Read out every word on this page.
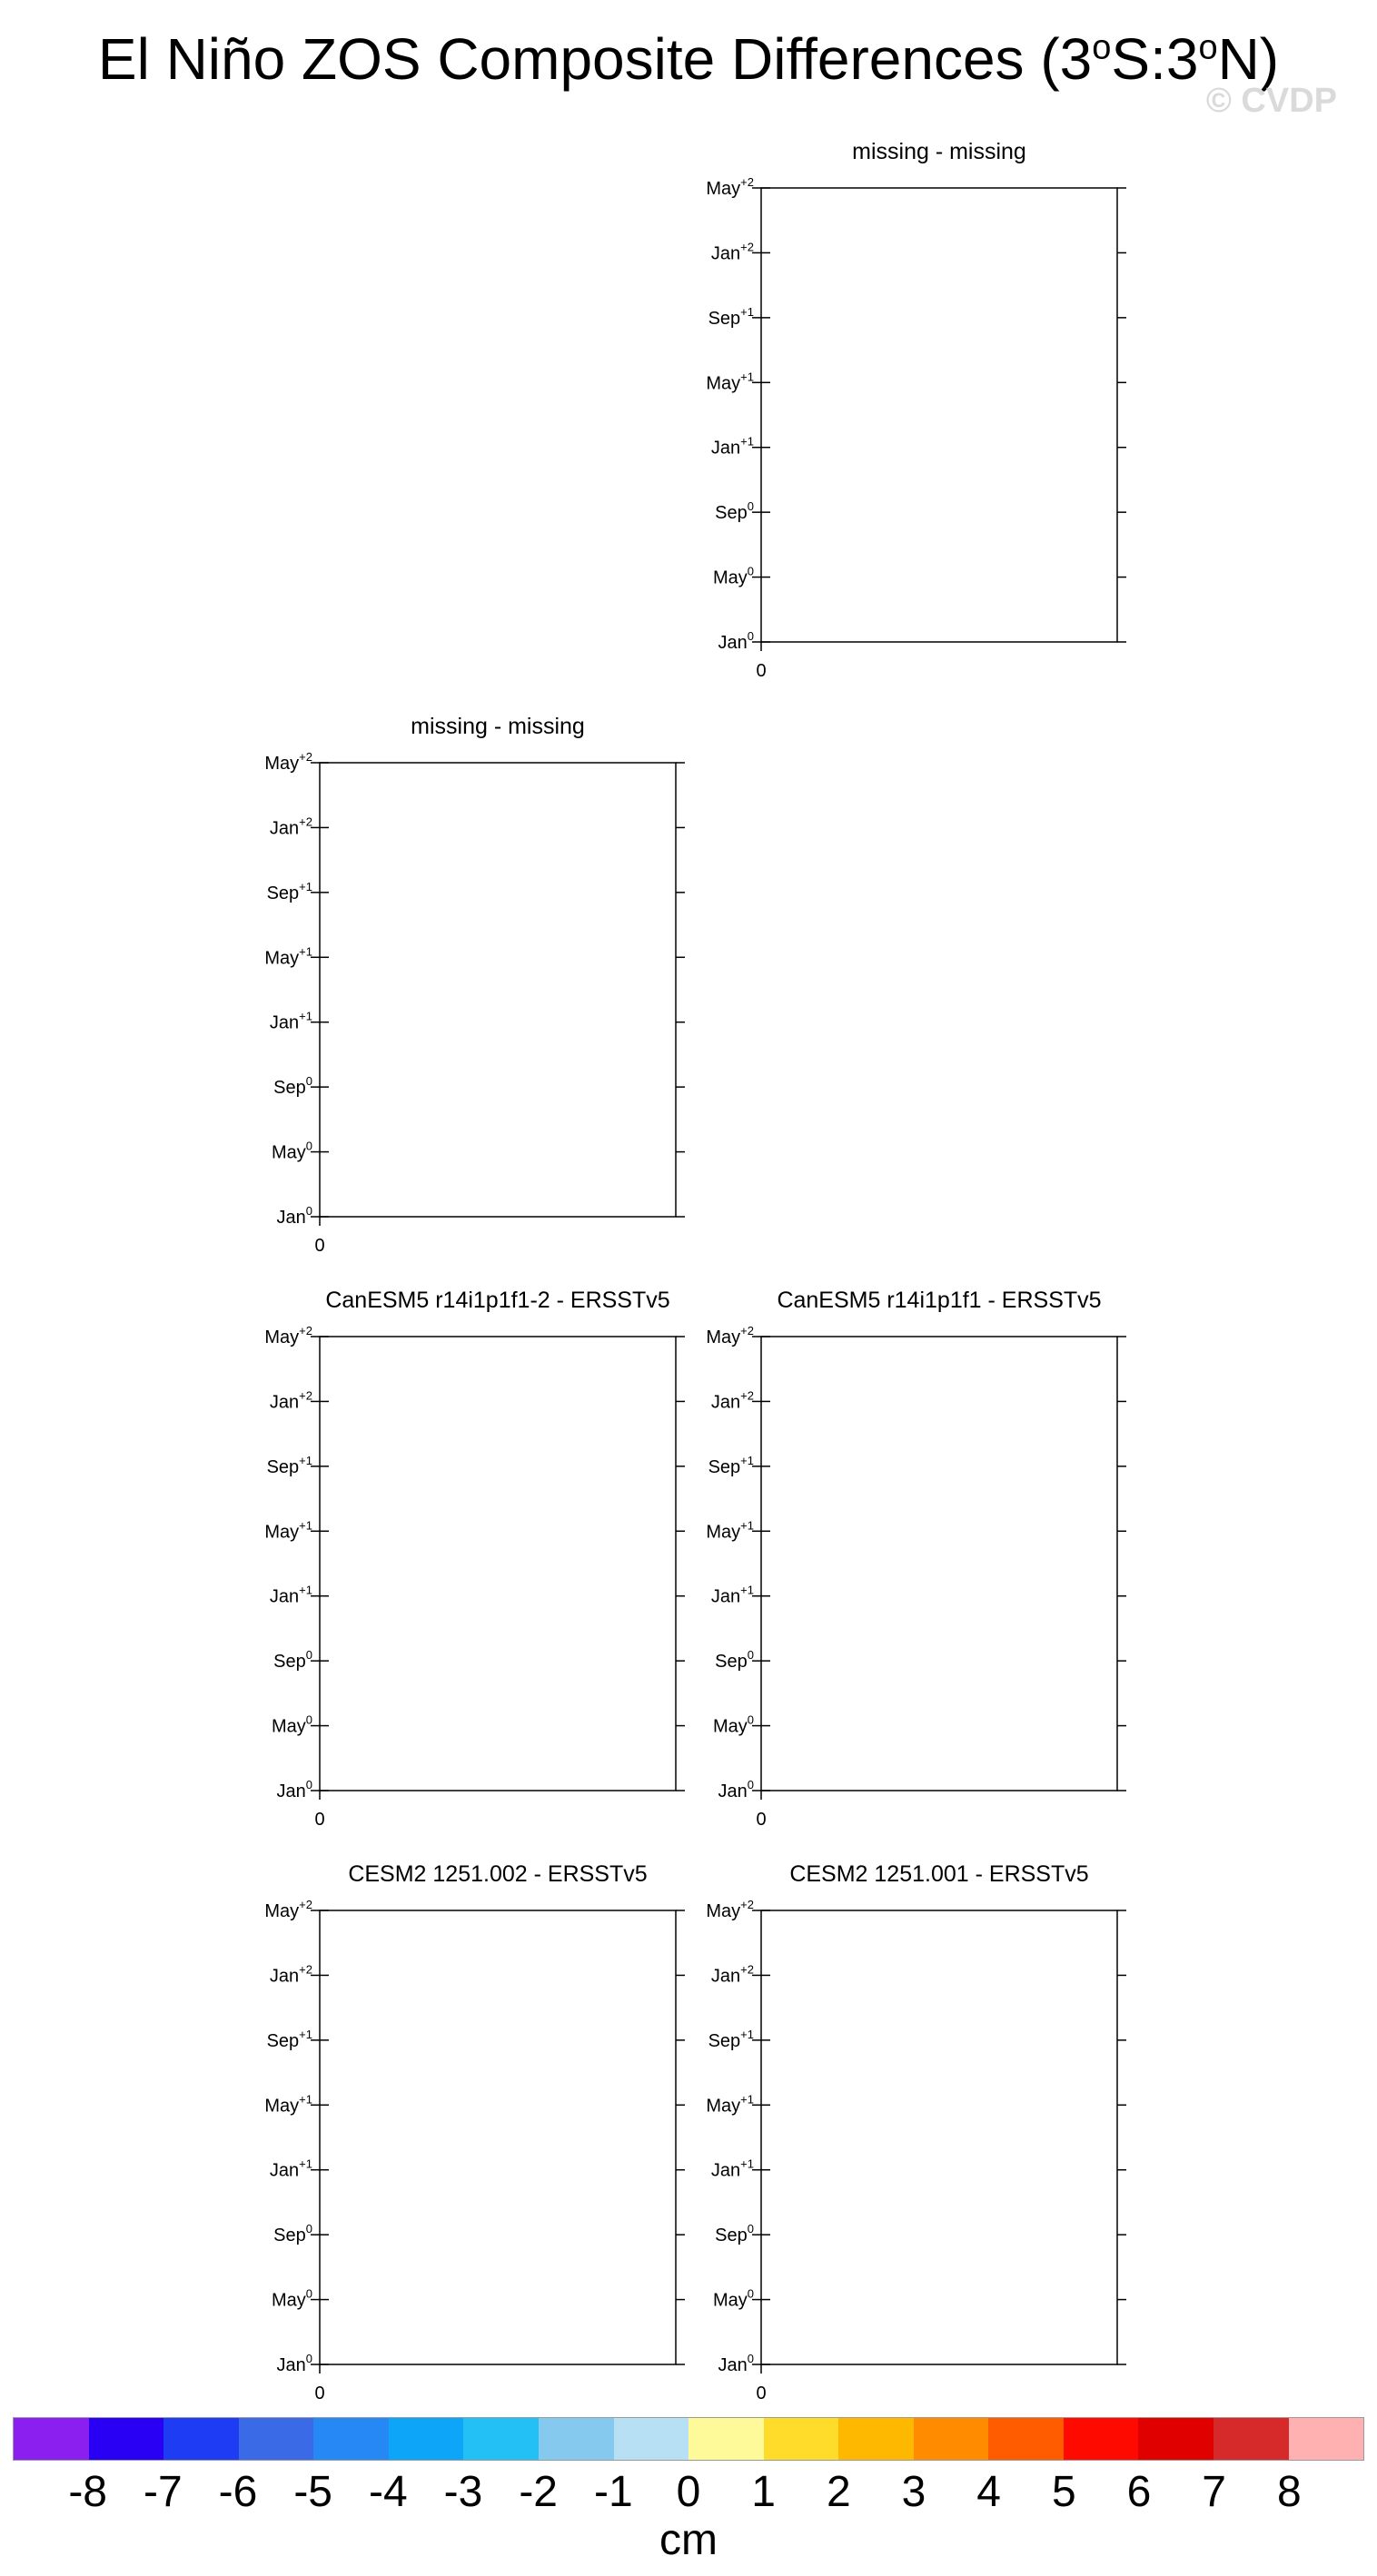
El Niño ZOS Composite Differences (3$^o$S:3$^o$N)
© CVDP
missing - missing
Jan$^0$
May$^0$
Sep$^0$
Jan$^{+1}$
May$^{+1}$
Sep$^{+1}$
Jan$^{+2}$
May$^{+2}$
0
missing - missing
Jan$^0$
May$^0$
Sep$^0$
Jan$^{+1}$
May$^{+1}$
Sep$^{+1}$
Jan$^{+2}$
May$^{+2}$
0
CanESM5 r14i1p1f1-2 - ERSSTv5
Jan$^0$
May$^0$
Sep$^0$
Jan$^{+1}$
May$^{+1}$
Sep$^{+1}$
Jan$^{+2}$
May$^{+2}$
0
CanESM5 r14i1p1f1 - ERSSTv5
Jan$^0$
May$^0$
Sep$^0$
Jan$^{+1}$
May$^{+1}$
Sep$^{+1}$
Jan$^{+2}$
May$^{+2}$
0
CESM2 1251.002 - ERSSTv5
Jan$^0$
May$^0$
Sep$^0$
Jan$^{+1}$
May$^{+1}$
Sep$^{+1}$
Jan$^{+2}$
May$^{+2}$
0
CESM2 1251.001 - ERSSTv5
Jan$^0$
May$^0$
Sep$^0$
Jan$^{+1}$
May$^{+1}$
Sep$^{+1}$
Jan$^{+2}$
May$^{+2}$
0
-8 -7 -6 -5 -4 -3 -2 -1 0 1 2 3 4 5 6 7 8
cm
